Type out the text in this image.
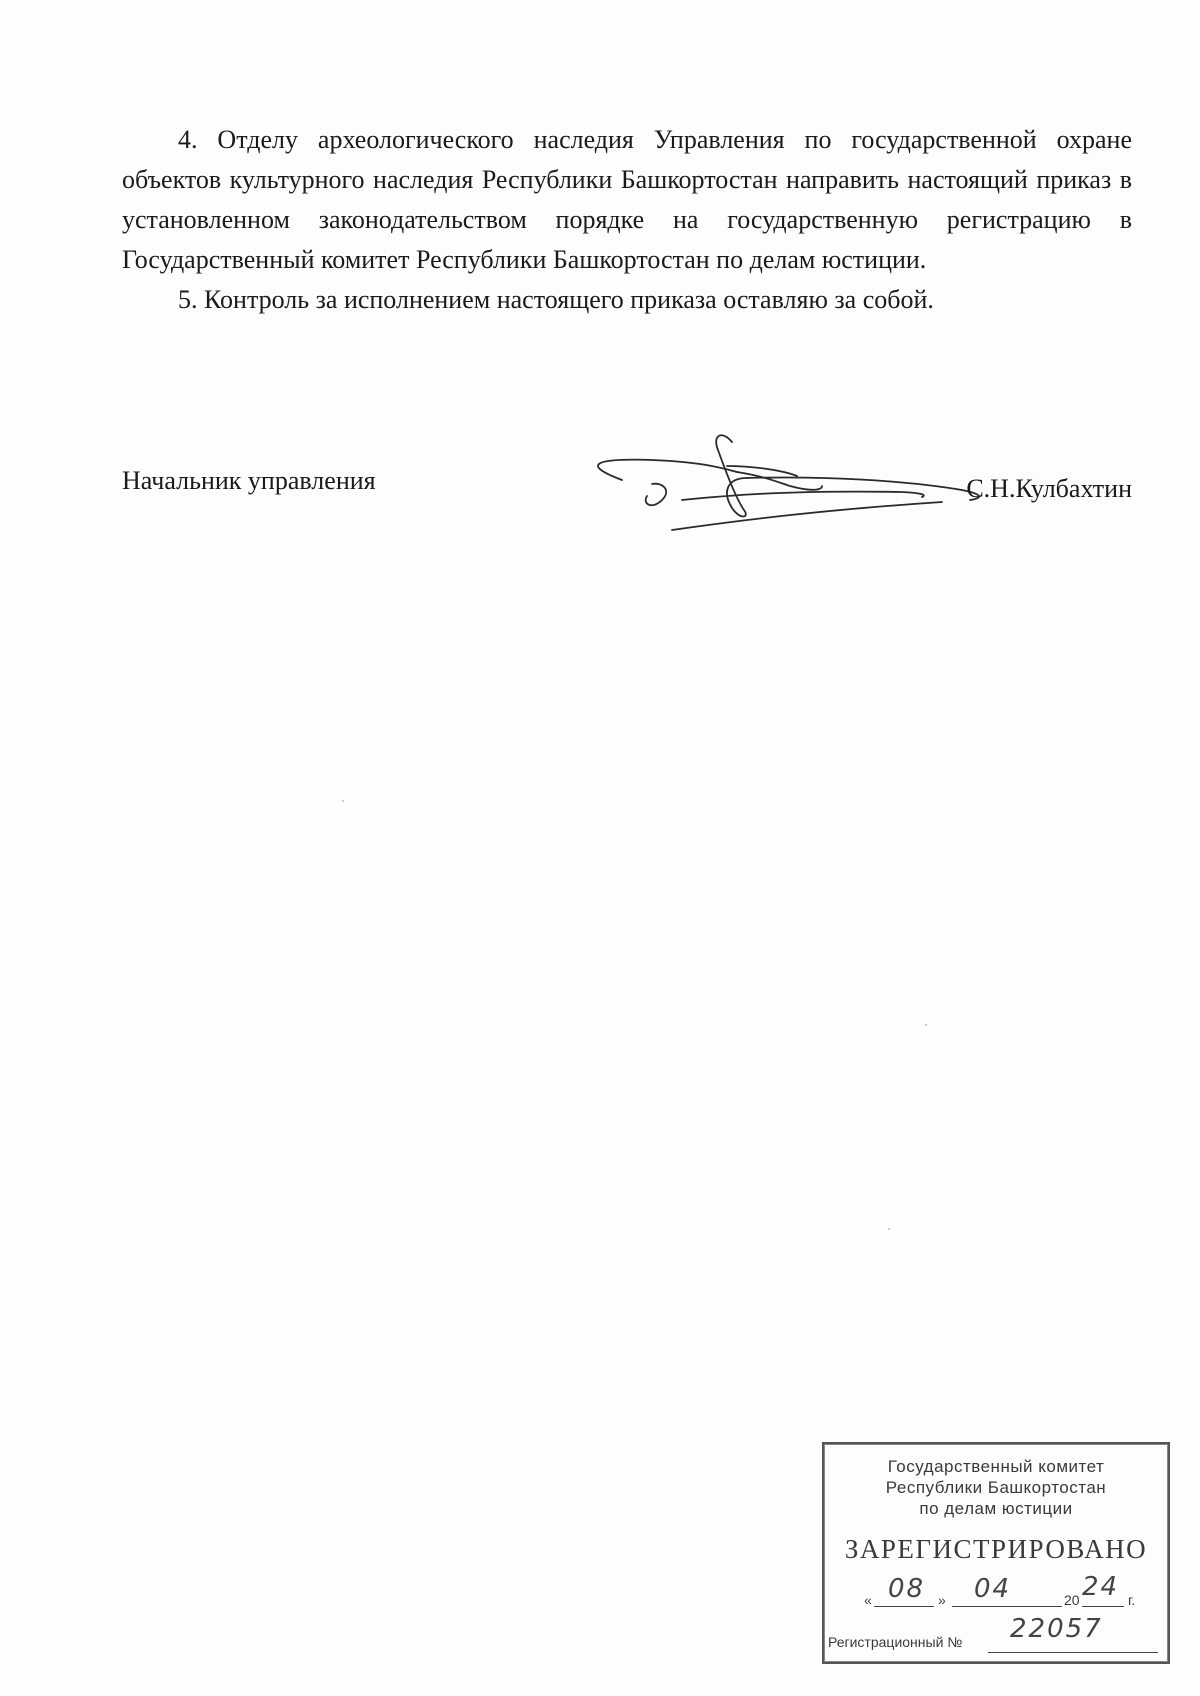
4. Отделу археологического наследия Управления по государственной охране объектов культурного наследия Республики Башкортостан направить настоящий приказ в установленном законодательством порядке на государственную регистрацию в Государственный комитет Республики Башкортостан по делам юстиции.

5. Контроль за исполнением настоящего приказа оставляю за собой.

Начальник управления	С.Н.Кулбахтин
Государственный комитет
Республики Башкортостан
по делам юстиции
ЗАРЕГИСТРИРОВАНО
« 08 » 04	20 24 г.
Регистрационный № 22057
